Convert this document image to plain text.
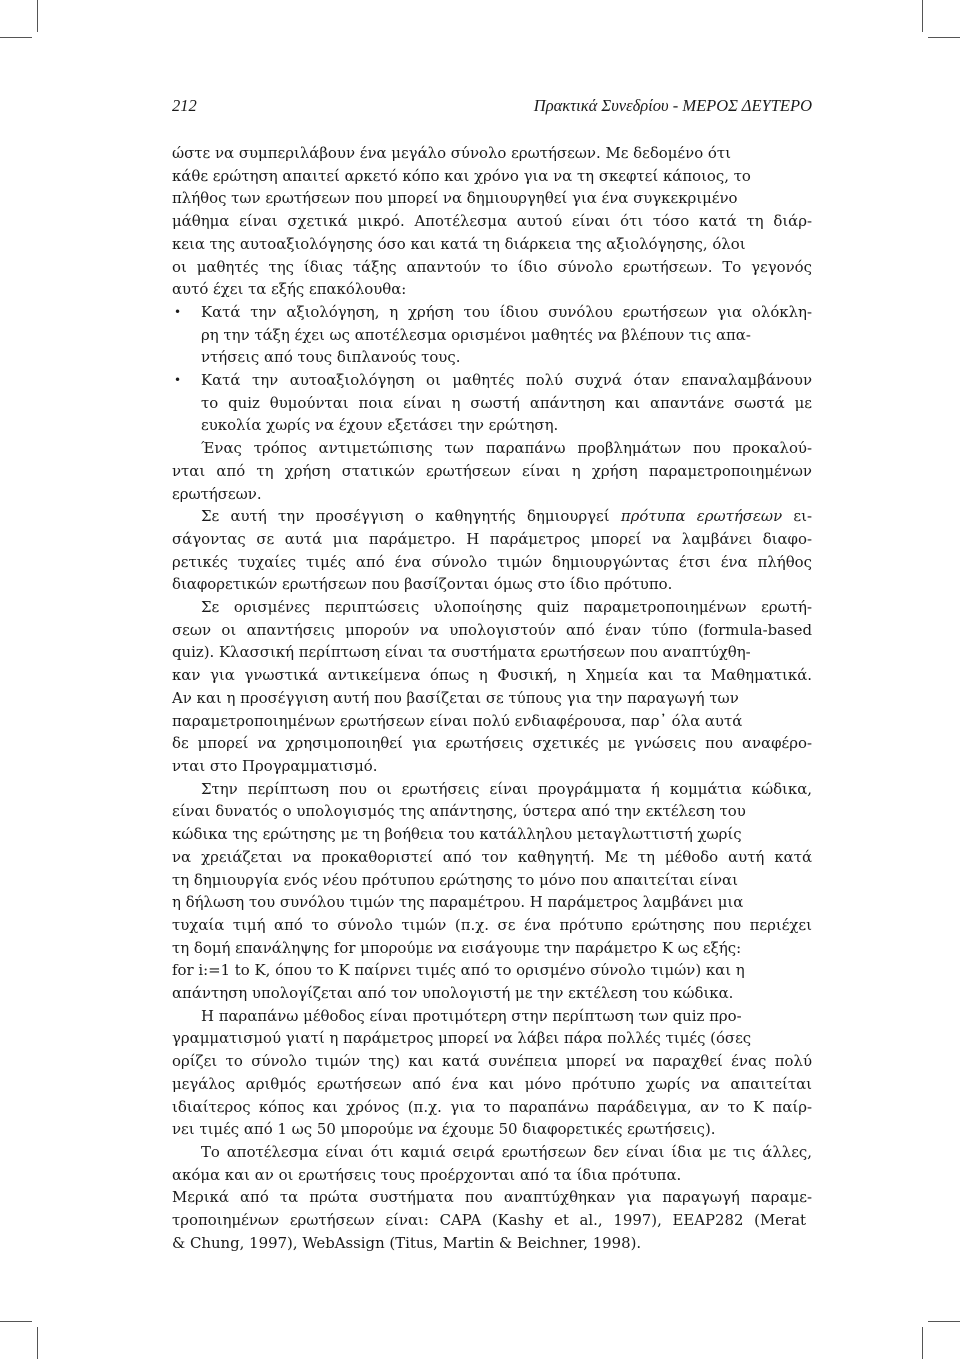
212	Πρακτικά Συνεδρίου - ΜΕΡΟΣ ΔΕΥΤΕΡΟ

ώστε να συμπεριλάβουν ένα μεγάλο σύνολο ερωτήσεων. Με δεδομένο ότι
κάθε ερώτηση απαιτεί αρκετό κόπο και χρόνο για να τη σκεφτεί κάποιος, το
πλήθος των ερωτήσεων που μπορεί να δημιουργηθεί για ένα συγκεκριμένο
μάθημα είναι σχετικά μικρό. Αποτέλεσμα αυτού είναι ότι τόσο κατά τη διάρ-
κεια της αυτοαξιολόγησης όσο και κατά τη διάρκεια της αξιολόγησης, όλοι
οι μαθητές της ίδιας τάξης απαντούν το ίδιο σύνολο ερωτήσεων. Το γεγονός
αυτό έχει τα εξής επακόλουθα:

•	Κατά την αξιολόγηση, η χρήση του ίδιου συνόλου ερωτήσεων για ολόκλη-
ρη την τάξη έχει ως αποτέλεσμα ορισμένοι μαθητές να βλέπουν τις απα-
ντήσεις από τους διπλανούς τους.
•	Κατά την αυτοαξιολόγηση οι μαθητές πολύ συχνά όταν επαναλαμβάνουν
το quiz θυμούνται ποια είναι η σωστή απάντηση και απαντάνε σωστά με
ευκολία χωρίς να έχουν εξετάσει την ερώτηση.

Ένας τρόπος αντιμετώπισης των παραπάνω προβλημάτων που προκαλού-
νται από τη χρήση στατικών ερωτήσεων είναι η χρήση παραμετροποιημένων
ερωτήσεων.

Σε αυτή την προσέγγιση ο καθηγητής δημιουργεί πρότυπα ερωτήσεων ει-
σάγοντας σε αυτά μια παράμετρο. Η παράμετρος μπορεί να λαμβάνει διαφο-
ρετικές τυχαίες τιμές από ένα σύνολο τιμών δημιουργώντας έτσι ένα πλήθος
διαφορετικών ερωτήσεων που βασίζονται όμως στο ίδιο πρότυπο.

Σε ορισμένες περιπτώσεις υλοποίησης quiz παραμετροποιημένων ερωτή-
σεων οι απαντήσεις μπορούν να υπολογιστούν από έναν τύπο (formula-based
quiz). Κλασσική περίπτωση είναι τα συστήματα ερωτήσεων που αναπτύχθη-
καν για γνωστικά αντικείμενα όπως η Φυσική, η Χημεία και τα Μαθηματικά.
Αν και η προσέγγιση αυτή που βασίζεται σε τύπους για την παραγωγή των
παραμετροποιημένων ερωτήσεων είναι πολύ ενδιαφέρουσα, παρ᾽ όλα αυτά
δε μπορεί να χρησιμοποιηθεί για ερωτήσεις σχετικές με γνώσεις που αναφέρο-
νται στο Προγραμματισμό.

Στην περίπτωση που οι ερωτήσεις είναι προγράμματα ή κομμάτια κώδικα,
είναι δυνατός ο υπολογισμός της απάντησης, ύστερα από την εκτέλεση του
κώδικα της ερώτησης με τη βοήθεια του κατάλληλου μεταγλωττιστή χωρίς
να χρειάζεται να προκαθοριστεί από τον καθηγητή. Με τη μέθοδο αυτή κατά
τη δημιουργία ενός νέου πρότυπου ερώτησης το μόνο που απαιτείται είναι
η δήλωση του συνόλου τιμών της παραμέτρου. Η παράμετρος λαμβάνει μια
τυχαία τιμή από το σύνολο τιμών (π.χ. σε ένα πρότυπο ερώτησης που περιέχει
τη δομή επανάληψης for μπορούμε να εισάγουμε την παράμετρο Κ ως εξής:
for i:=1 to K, όπου το Κ παίρνει τιμές από το ορισμένο σύνολο τιμών) και η
απάντηση υπολογίζεται από τον υπολογιστή με την εκτέλεση του κώδικα.

Η παραπάνω μέθοδος είναι προτιμότερη στην περίπτωση των quiz προ-
γραμματισμού γιατί η παράμετρος μπορεί να λάβει πάρα πολλές τιμές (όσες
ορίζει το σύνολο τιμών της) και κατά συνέπεια μπορεί να παραχθεί ένας πολύ
μεγάλος αριθμός ερωτήσεων από ένα και μόνο πρότυπο χωρίς να απαιτείται
ιδιαίτερος κόπος και χρόνος (π.χ. για το παραπάνω παράδειγμα, αν το Κ παίρ-
νει τιμές από 1 ως 50 μπορούμε να έχουμε 50 διαφορετικές ερωτήσεις).

Το αποτέλεσμα είναι ότι καμιά σειρά ερωτήσεων δεν είναι ίδια με τις άλλες,
ακόμα και αν οι ερωτήσεις τους προέρχονται από τα ίδια πρότυπα.

Μερικά από τα πρώτα συστήματα που αναπτύχθηκαν για παραγωγή παραμε-
τροποιημένων ερωτήσεων είναι: CAPA (Kashy et al., 1997), EEAP282 (Merat
& Chung, 1997), WebAssign (Titus, Martin & Beichner, 1998).
